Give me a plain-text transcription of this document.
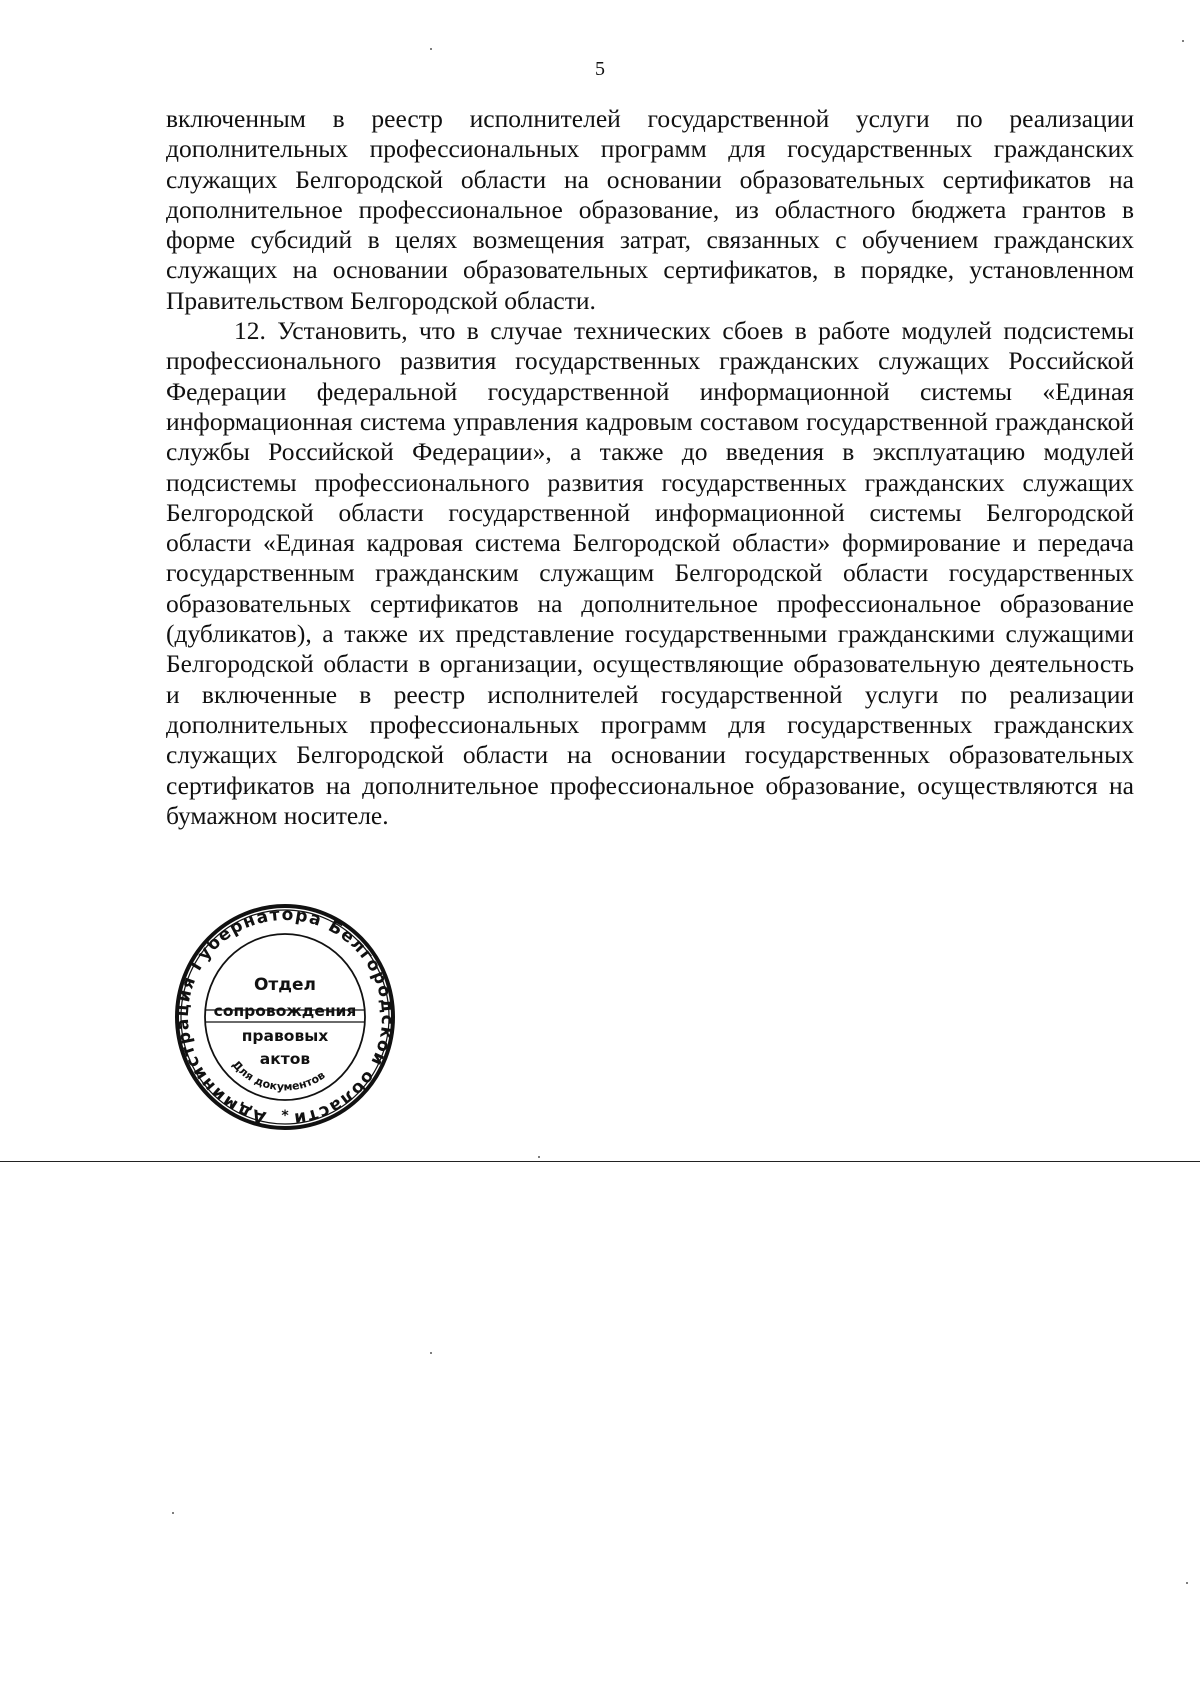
5

включенным в реестр исполнителей государственной услуги по реализации дополнительных профессиональных программ для государственных гражданских служащих Белгородской области на основании образовательных сертификатов на дополнительное профессиональное образование, из областного бюджета грантов в форме субсидий в целях возмещения затрат, связанных с обучением гражданских служащих на основании образовательных сертификатов, в порядке, установленном Правительством Белгородской области.

12. Установить, что в случае технических сбоев в работе модулей подсистемы профессионального развития государственных гражданских служащих Российской Федерации федеральной государственной информационной системы «Единая информационная система управления кадровым составом государственной гражданской службы Российской Федерации», а также до введения в эксплуатацию модулей подсистемы профессионального развития государственных гражданских служащих Белгородской области государственной информационной системы Белгородской области «Единая кадровая система Белгородской области» формирование и передача государственным гражданским служащим Белгородской области государственных образовательных сертификатов на дополнительное профессиональное образование (дубликатов), а также их представление государственными гражданскими служащими Белгородской области в организации, осуществляющие образовательную деятельность и включенные в реестр исполнителей государственной услуги по реализации дополнительных профессиональных программ для государственных гражданских служащих Белгородской области на основании государственных образовательных сертификатов на дополнительное профессиональное образование, осуществляются на бумажном носителе.

Администрация Губернатора Белгородской области
Отдел
сопровождения
правовых
актов
Для документов
*
